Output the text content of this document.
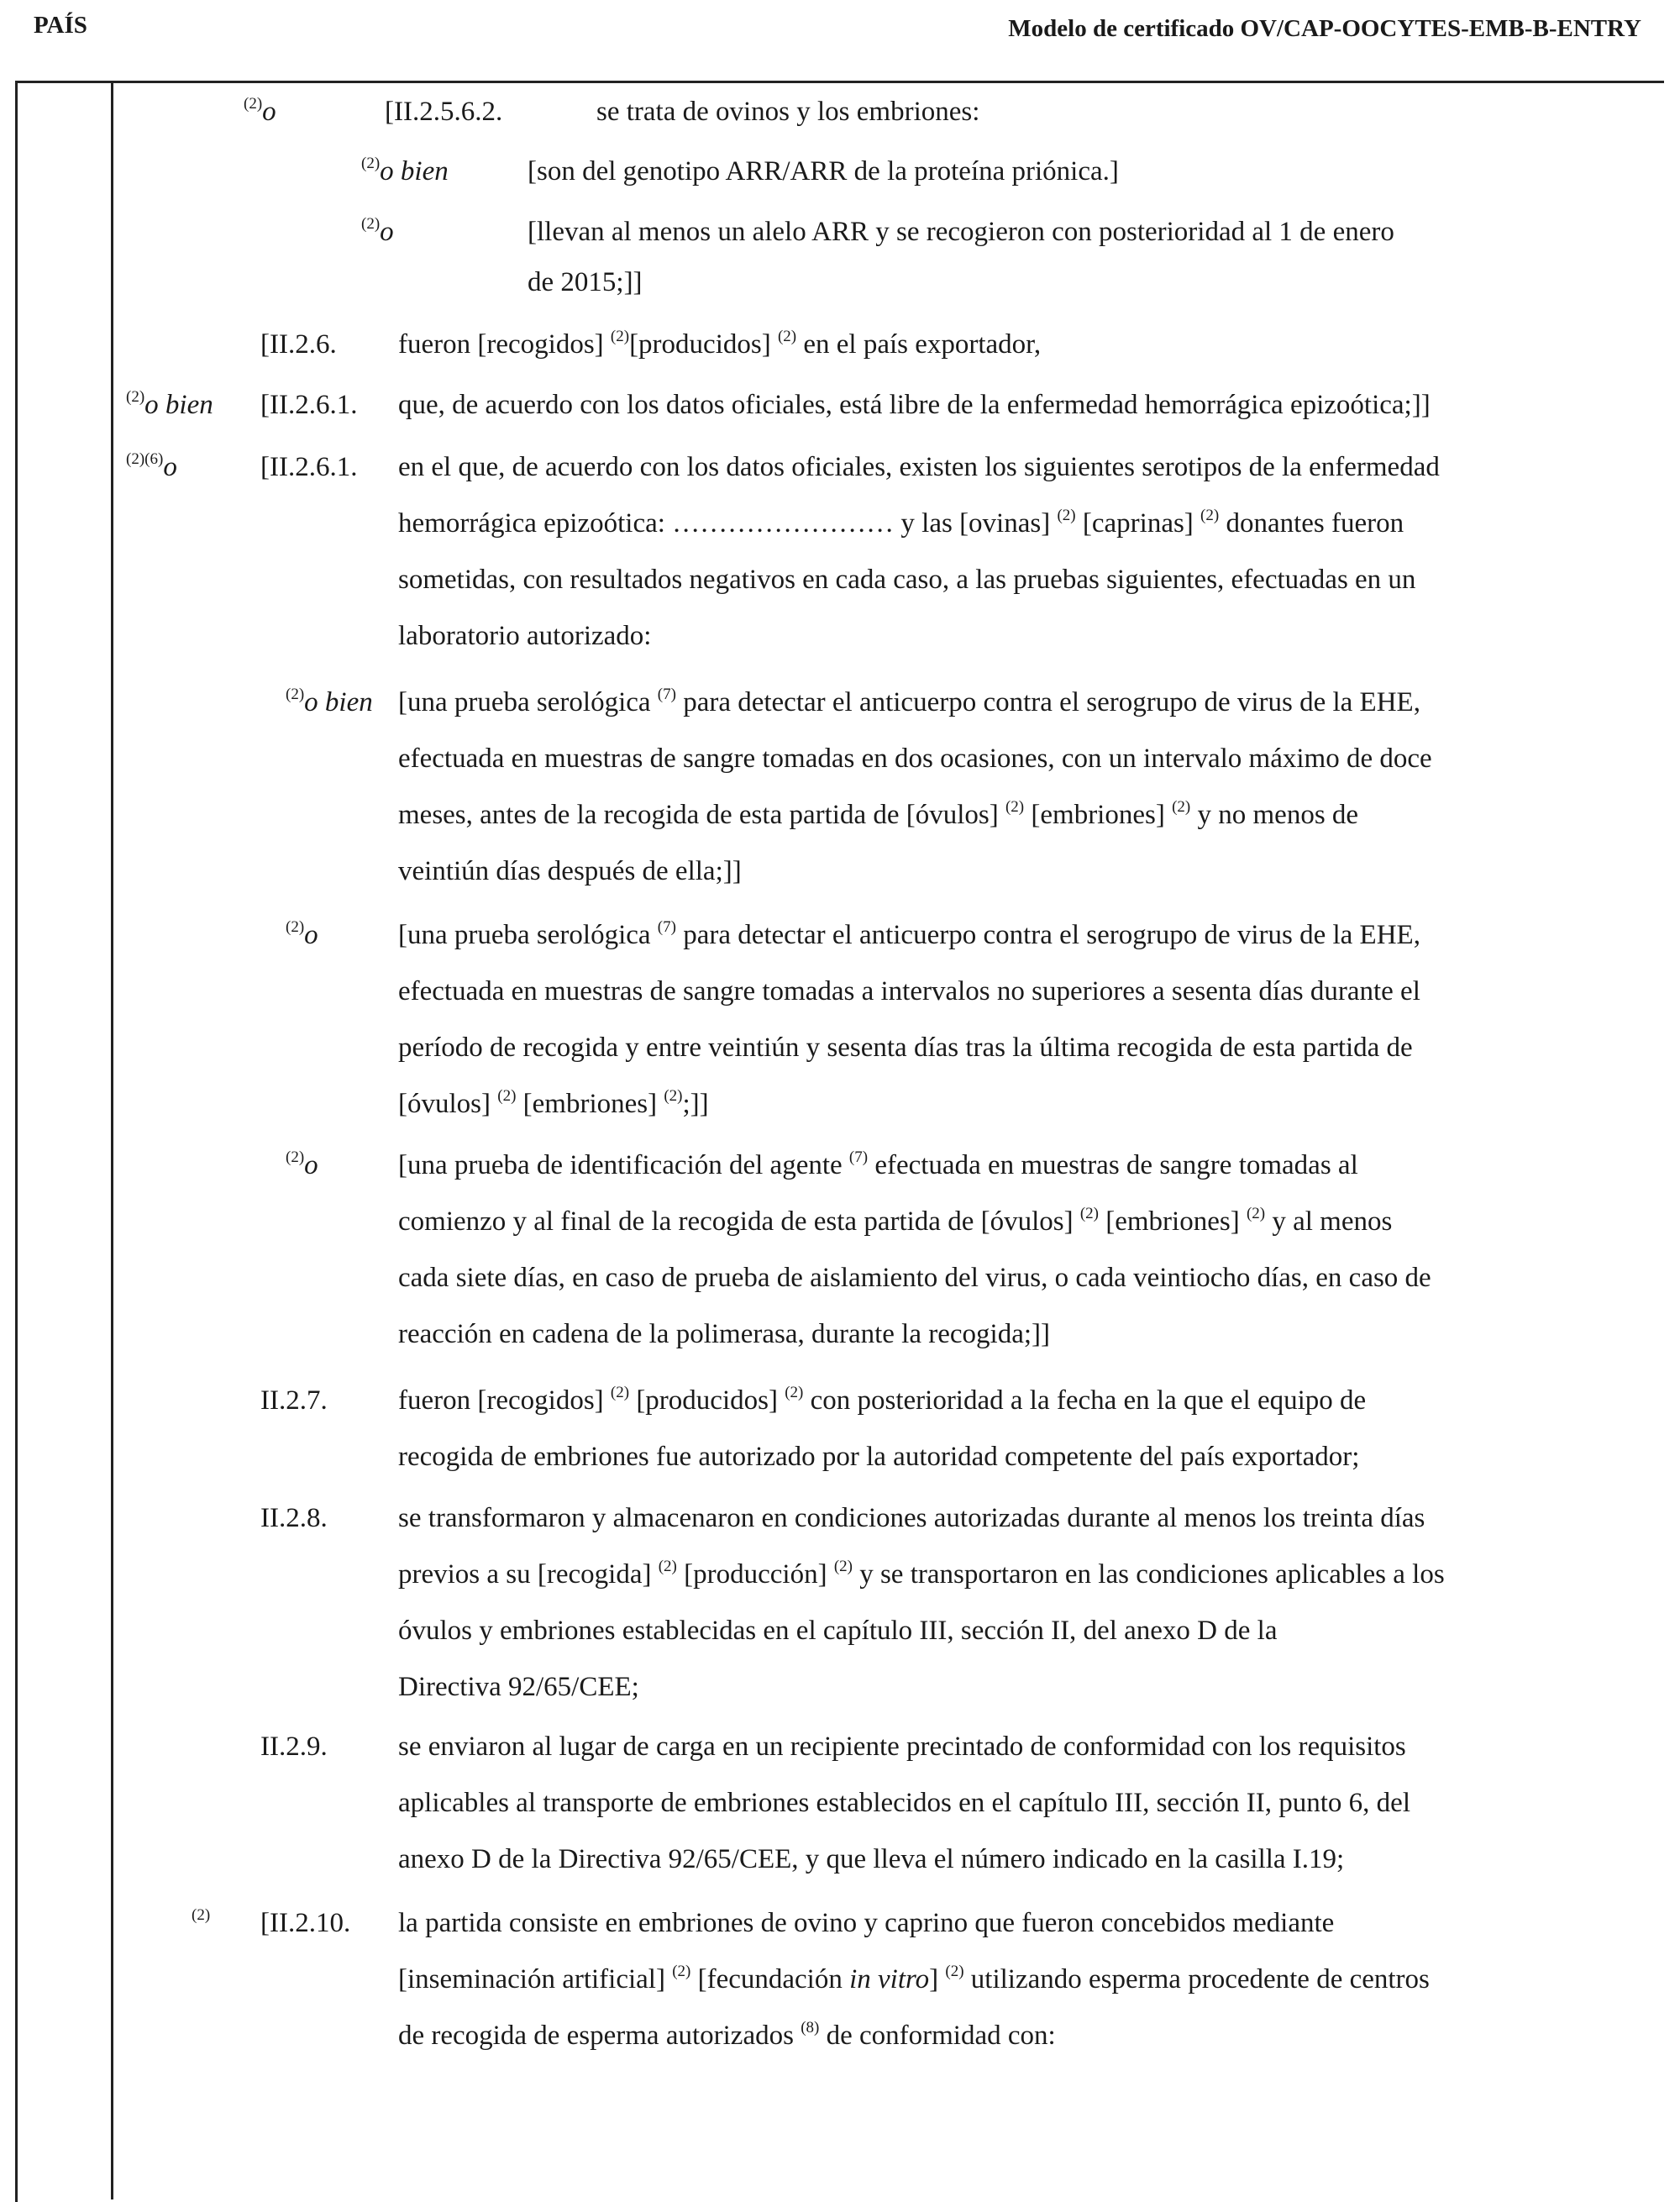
PAÍS	Modelo de certificado OV/CAP-OOCYTES-EMB-B-ENTRY
$^{(2)}$o	[II.2.5.6.2.	se trata de ovinos y los embriones:
$^{(2)}$o bien	[son del genotipo ARR/ARR de la proteína priónica.]
$^{(2)}$o	[llevan al menos un alelo ARR y se recogieron con posterioridad al 1 de enero
de 2015;]]
[II.2.6. fueron [recogidos] $^{(2)}$[producidos] $^{(2)}$ en el país exportador,
$^{(2)}$o bien [II.2.6.1. que, de acuerdo con los datos oficiales, está libre de la enfermedad hemorrágica epizoótica;]]
$^{(2)(6)}$o	[II.2.6.1. en el que, de acuerdo con los datos oficiales, existen los siguientes serotipos de la enfermedad
hemorrágica epizoótica: …………………… y las [ovinas] $^{(2)}$ [caprinas] $^{(2)}$ donantes fueron
sometidas, con resultados negativos en cada caso, a las pruebas siguientes, efectuadas en un
laboratorio autorizado:
$^{(2)}$o bien [una prueba serológica $^{(7)}$ para detectar el anticuerpo contra el serogrupo de virus de la EHE,
efectuada en muestras de sangre tomadas en dos ocasiones, con un intervalo máximo de doce
meses, antes de la recogida de esta partida de [óvulos] $^{(2)}$ [embriones] $^{(2)}$ y no menos de
veintiún días después de ella;]]
$^{(2)}$o	[una prueba serológica $^{(7)}$ para detectar el anticuerpo contra el serogrupo de virus de la EHE,
efectuada en muestras de sangre tomadas a intervalos no superiores a sesenta días durante el
período de recogida y entre veintiún y sesenta días tras la última recogida de esta partida de
[óvulos] $^{(2)}$ [embriones] $^{(2)}$;]]
$^{(2)}$o	[una prueba de identificación del agente $^{(7)}$ efectuada en muestras de sangre tomadas al
comienzo y al final de la recogida de esta partida de [óvulos] $^{(2)}$ [embriones] $^{(2)}$ y al menos
cada siete días, en caso de prueba de aislamiento del virus, o cada veintiocho días, en caso de
reacción en cadena de la polimerasa, durante la recogida;]]
II.2.7.	fueron [recogidos] $^{(2)}$ [producidos] $^{(2)}$ con posterioridad a la fecha en la que el equipo de
recogida de embriones fue autorizado por la autoridad competente del país exportador;
II.2.8.	se transformaron y almacenaron en condiciones autorizadas durante al menos los treinta días
previos a su [recogida] $^{(2)}$ [producción] $^{(2)}$ y se transportaron en las condiciones aplicables a los
óvulos y embriones establecidas en el capítulo III, sección II, del anexo D de la
Directiva 92/65/CEE;
II.2.9.	se enviaron al lugar de carga en un recipiente precintado de conformidad con los requisitos
aplicables al transporte de embriones establecidos en el capítulo III, sección II, punto 6, del
anexo D de la Directiva 92/65/CEE, y que lleva el número indicado en la casilla I.19;
$^{(2)}$ [II.2.10. la partida consiste en embriones de ovino y caprino que fueron concebidos mediante
[inseminación artificial] $^{(2)}$ [fecundación in vitro] $^{(2)}$ utilizando esperma procedente de centros
de recogida de esperma autorizados $^{(8)}$ de conformidad con:
